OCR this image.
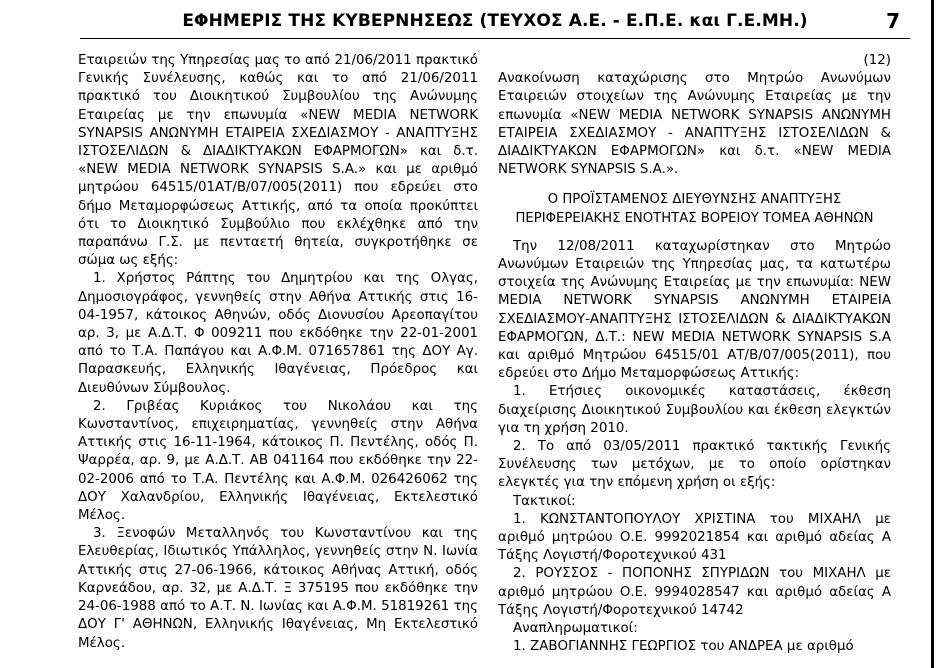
ΕΦΗΜΕΡΙΣ ΤΗΣ ΚΥΒΕΡΝΗΣΕΩΣ (ΤΕΥΧΟΣ Α.Ε. - Ε.Π.Ε. και Γ.Ε.ΜΗ.)	7

Εταιρειών της Υπηρεσίας μας το από 21/06/2011 πρακτικό Γενικής Συνέλευσης, καθώς και το από 21/06/2011 πρακτικό του Διοικητικού Συμβουλίου της Ανώνυμης Εταιρείας με την επωνυμία «NEW MEDIA NETWORK SYNAPSIS ΑΝΩΝΥΜΗ ΕΤΑΙΡΕΙΑ ΣΧΕΔΙΑΣΜΟΥ - ΑΝΑΠΤΥΞΗΣ ΙΣΤΟΣΕΛΙΔΩΝ & ΔΙΑΔΙΚΤΥΑΚΩΝ ΕΦΑΡΜΟΓΩΝ» και δ.τ. «NEW MEDIA NETWORK SYNAPSIS S.A.» και με αριθμό μητρώου 64515/01ΑΤ/Β/07/005(2011) που εδρεύει στο δήμο Μεταμορφώσεως Αττικής, από τα οποία προκύπτει ότι το Διοικητικό Συμβούλιο που εκλέχθηκε από την παραπάνω Γ.Σ. με πενταετή θητεία, συγκροτήθηκε σε σώμα ως εξής:

1. Χρήστος Ράπτης του Δημητρίου και της Ολγας, Δημοσιογράφος, γεννηθείς στην Αθήνα Αττικής στις 16-04-1957, κάτοικος Αθηνών, οδός Διονυσίου Αρεοπαγίτου αρ. 3, με Α.Δ.Τ. Φ 009211 που εκδόθηκε την 22-01-2001 από το Τ.Α. Παπάγου και Α.Φ.Μ. 071657861 της ΔΟΥ Αγ. Παρασκευής, Ελληνικής Ιθαγένειας, Πρόεδρος και Διευθύνων Σύμβουλος.

2. Γριβέας Κυριάκος του Νικολάου και της Κωνσταντίνος, επιχειρηματίας, γεννηθείς στην Αθήνα Αττικής στις 16-11-1964, κάτοικος Π. Πεντέλης, οδός Π. Ψαρρέα, αρ. 9, με Α.Δ.Τ. ΑΒ 041164 που εκδόθηκε την 22-02-2006 από το Τ.Α. Πεντέλης και Α.Φ.Μ. 026426062 της ΔΟΥ Χαλανδρίου, Ελληνικής Ιθαγένειας, Εκτελεστικό Μέλος.

3. Ξενοφών Μεταλληνός του Κωνσταντίνου και της Ελευθερίας, Ιδιωτικός Υπάλληλος, γεννηθείς στην Ν. Ιωνία Αττικής στις 27-06-1966, κάτοικος Αθήνας Αττική, οδός Καρνεάδου, αρ. 32, με Α.Δ.Τ. Ξ 375195 που εκδόθηκε την 24-06-1988 από το Α.Τ. Ν. Ιωνίας και Α.Φ.Μ. 51819261 της ΔΟΥ Γ' ΑΘΗΝΩΝ, Ελληνικής Ιθαγένειας, Μη Εκτελεστικό Μέλος.

(12)

Ανακοίνωση καταχώρισης στο Μητρώο Ανωνύμων Εταιρειών στοιχείων της Ανώνυμης Εταιρείας με την επωνυμία «NEW MEDIA NETWORK SYNAPSIS ΑΝΩΝΥΜΗ ΕΤΑΙΡΕΙΑ ΣΧΕΔΙΑΣΜΟΥ - ΑΝΑΠΤΥΞΗΣ ΙΣΤΟΣΕΛΙΔΩΝ & ΔΙΑΔΙΚΤΥΑΚΩΝ ΕΦΑΡΜΟΓΩΝ» και δ.τ. «NEW MEDIA NETWORK SYNAPSIS S.A.».

Ο ΠΡΟΪΣΤΑΜΕΝΟΣ ΔΙΕΥΘΥΝΣΗΣ ΑΝΑΠΤΥΞΗΣ
ΠΕΡΙΦΕΡΕΙΑΚΗΣ ΕΝΟΤΗΤΑΣ ΒΟΡΕΙΟΥ ΤΟΜΕΑ ΑΘΗΝΩΝ

Την 12/08/2011 καταχωρίστηκαν στο Μητρώο Ανωνύμων Εταιρειών της Υπηρεσίας μας, τα κατωτέρω στοιχεία της Ανώνυμης Εταιρείας με την επωνυμία: NEW MEDIA NETWORK SYNAPSIS ΑΝΩΝΥΜΗ ΕΤΑΙΡΕΙΑ ΣΧΕΔΙΑΣΜΟΥ-ΑΝΑΠΤΥΞΗΣ ΙΣΤΟΣΕΛΙΔΩΝ & ΔΙΑΔΙΚΤΥΑΚΩΝ ΕΦΑΡΜΟΓΩΝ, Δ.Τ.: NEW MEDIA NETWORK SYNAPSIS S.A και αριθμό Μητρώου 64515/01 ΑΤ/Β/07/005(2011), που εδρεύει στο Δήμο Μεταμορφώσεως Αττικής:

1. Ετήσιες οικονομικές καταστάσεις, έκθεση διαχείρισης Διοικητικού Συμβουλίου και έκθεση ελεγκτών για τη χρήση 2010.

2. Το από 03/05/2011 πρακτικό τακτικής Γενικής Συνέλευσης των μετόχων, με το οποίο ορίστηκαν ελεγκτές για την επόμενη χρήση οι εξής:

Τακτικοί:

1. ΚΩΝΣΤΑΝΤΟΠΟΥΛΟΥ ΧΡΙΣΤΙΝΑ του ΜΙΧΑΗΛ με αριθμό μητρώου Ο.Ε. 9992021854 και αριθμό αδείας Α Τάξης Λογιστή/Φοροτεχνικού 431

2. ΡΟΥΣΣΟΣ - ΠΟΠΟΝΗΣ ΣΠΥΡΙΔΩΝ του ΜΙΧΑΗΛ με αριθμό μητρώου Ο.Ε. 9994028547 και αριθμό αδείας Α Τάξης Λογιστή/Φοροτεχνικού 14742

Αναπληρωματικοί:

1. ΖΑΒΟΓΙΑΝΝΗΣ ΓΕΩΡΓΙΟΣ του ΑΝΔΡΕΑ με αριθμό
